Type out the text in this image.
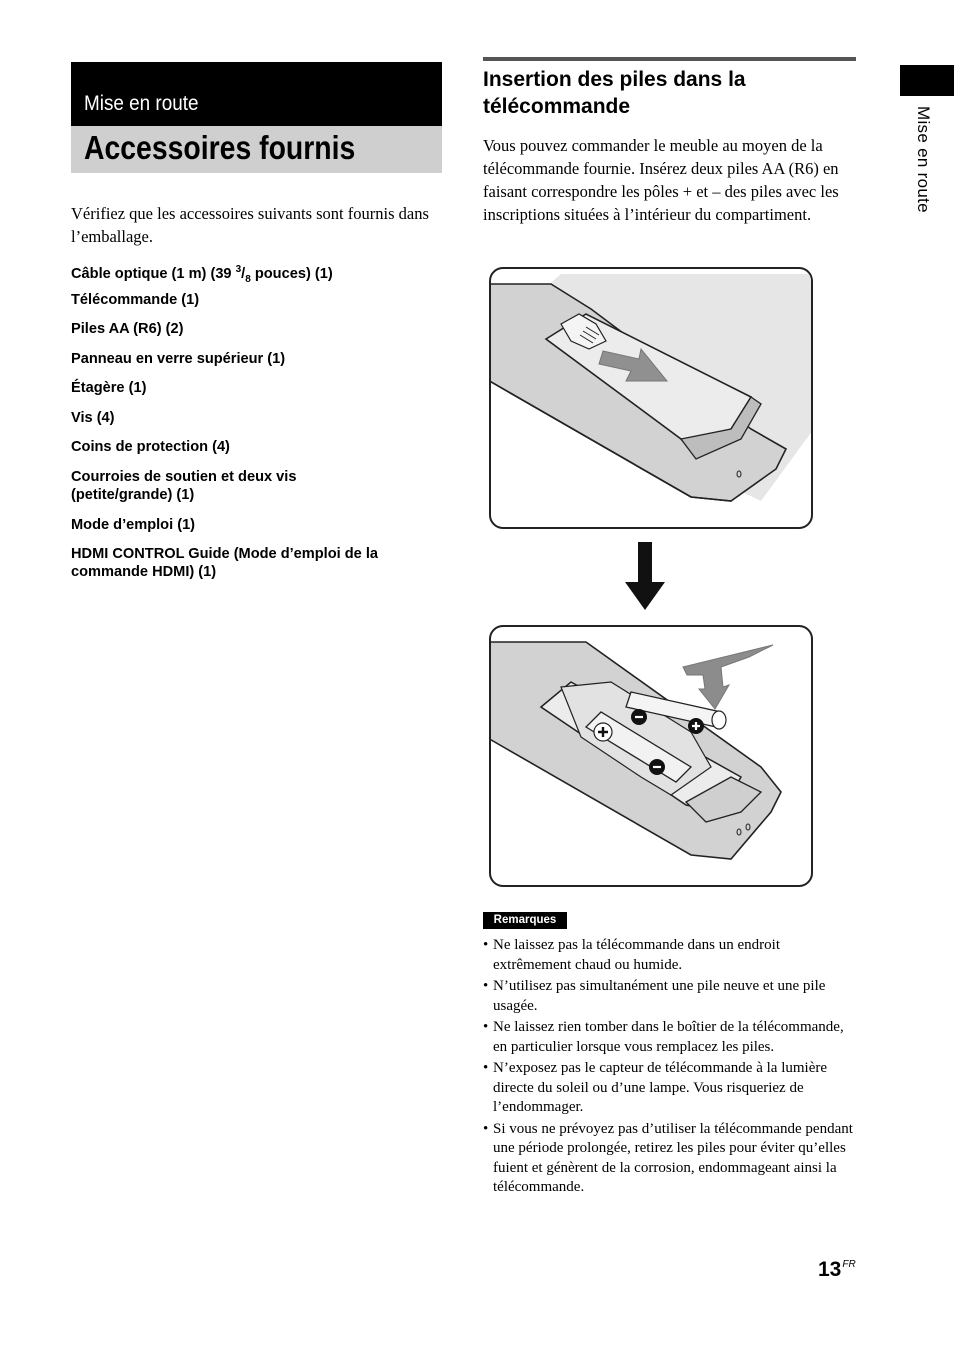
Mise en route
Accessoires fournis
Vérifiez que les accessoires suivants sont fournis dans l’emballage.
Câble optique (1 m) (39 $^3/_8$ pouces) (1)
Télécommande (1)
Piles AA (R6) (2)
Panneau en verre supérieur (1)
Étagère (1)
Vis (4)
Coins de protection (4)
Courroies de soutien et deux vis (petite/grande) (1)
Mode d’emploi (1)
HDMI CONTROL Guide (Mode d’emploi de la commande HDMI) (1)
Insertion des piles dans la télécommande
Vous pouvez commander le meuble au moyen de la télécommande fournie. Insérez deux piles AA (R6) en faisant correspondre les pôles + et – des piles avec les inscriptions situées à l’intérieur du compartiment.
Remarques
• Ne laissez pas la télécommande dans un endroit extrêmement chaud ou humide.
• N’utilisez pas simultanément une pile neuve et une pile usagée.
• Ne laissez rien tomber dans le boîtier de la télécommande, en particulier lorsque vous remplacez les piles.
• N’exposez pas le capteur de télécommande à la lumière directe du soleil ou d’une lampe. Vous risqueriez de l’endommager.
• Si vous ne prévoyez pas d’utiliser la télécommande pendant une période prolongée, retirez les piles pour éviter qu’elles fuient et génèrent de la corrosion, endommageant ainsi la télécommande.
Mise en route
$13^{FR}$
